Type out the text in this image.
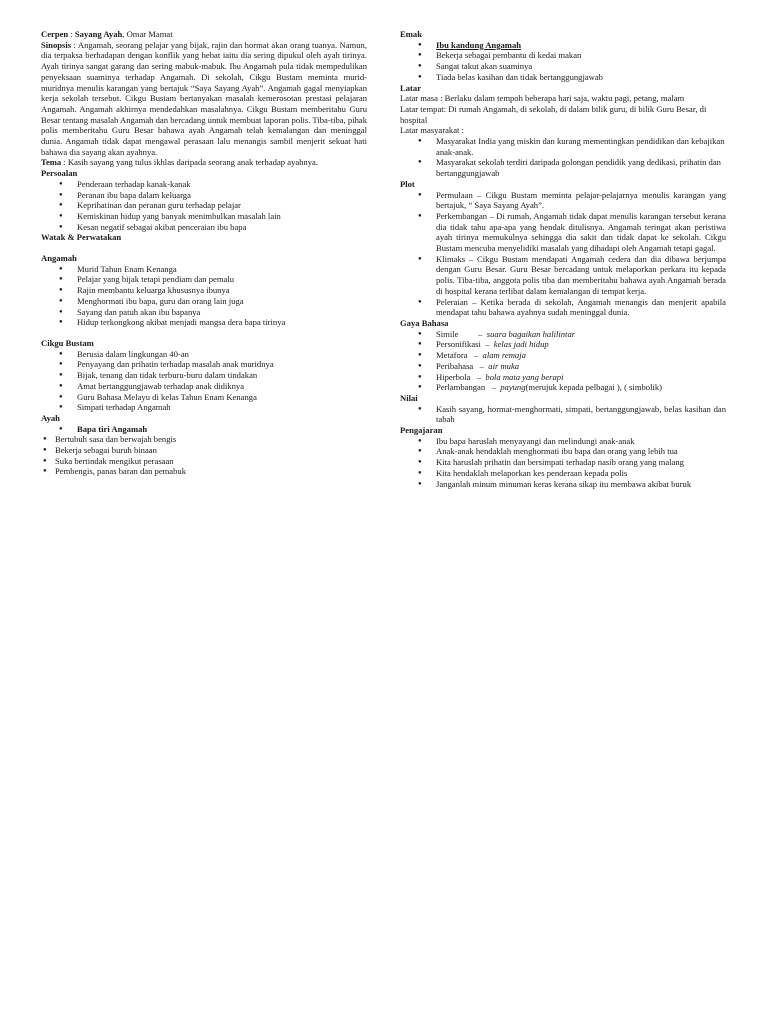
Cerpen : Sayang Ayah, Omar Mamat

Sinopsis : Angamah, seorang pelajar yang bijak, rajin dan hormat akan orang tuanya. Namun, dia terpaksa berhadapan dengan konflik yang hebat iaitu dia sering dipukul oleh ayah tirinya. Ayah tirinya sangat garang dan sering mabuk-mabuk. Ibu Angamah pula tidak mempedulikan penyeksaan suaminya terhadap Angamah. Di sekolah, Cikgu Bustam meminta murid-muridnya menulis karangan yang bertajuk “Saya Sayang Ayah”. Angamah gagal menyiapkan kerja sekolah tersebut. Cikgu Bustam bertanyakan masalah kemerosotan prestasi pelajaran Angamah. Angamah akhirnya mendedahkan masalahnya. Cikgu Bustam memberitahu Guru Besar tentang masalah Angamah dan bercadang untuk membuat laporan polis. Tiba-tiba, pihak polis memberitahu Guru Besar bahawa ayah Angamah telah kemalangan dan meninggal dunia. Angamah tidak dapat mengawal perasaan lalu menangis sambil menjerit sekuat hati bahawa dia sayang akan ayahnya.

Tema : Kasih sayang yang tulus ikhlas daripada seorang anak terhadap ayahnya.

Persoalan

● Penderaan terhadap kanak-kanak
● Peranan ibu bapa dalam keluarga
● Keprihatinan dan peranan guru terhadap pelajar
● Kemiskinan hidup yang banyak menimbulkan masalah lain
● Kesan negatif sebagai akibat penceraian ibu bapa

Watak & Perwatakan

Angamah

● Murid Tahun Enam Kenanga
● Pelajar yang bijak tetapi pendiam dan pemalu
● Rajin membantu keluarga khususnya ibunya
● Menghormati ibu bapa, guru dan orang lain juga
● Sayang dan patuh akan ibu bapanya
● Hidup terkongkong akibat menjadi mangsa dera bapa tirinya

Cikgu Bustam

● Berusia dalam lingkungan 40-an
● Penyayang dan prihatin terhadap masalah anak muridnya
● Bijak, tenang dan tidak terburu-buru dalam tindakan
● Amat bertanggungjawab terhadap anak didiknya
● Guru Bahasa Melayu di kelas Tahun Enam Kenanga
● Simpati terhadap Angamah

Ayah

● Bapa tiri Angamah
● Bertubuh sasa dan berwajah bengis
● Bekerja sebagai buruh binaan
● Suka bertindak mengikut perasaan
● Pembengis, panas baran dan pemabuk

Emak

● Ibu kandung Angamah
● Bekerja sebagai pembantu di kedai makan
● Sangat takut akan suaminya
● Tiada belas kasihan dan tidak bertanggungjawab

Latar

Latar masa : Berlaku dalam tempoh beberapa hari saja, waktu pagi, petang, malam

Latar tempat: Di rumah Angamah, di sekolah, di dalam bilik guru, di bilik Guru Besar, di hospital

Latar masyarakat :

● Masyarakat India yang miskin dan kurang mementingkan pendidikan dan kebajikan anak-anak.
● Masyarakat sekolah terdiri daripada golongan pendidik yang dedikasi, prihatin dan bertanggungjawab

Plot

● Permulaan – Cikgu Bustam meminta pelajar-pelajarnya menulis karangan yang bertajuk, “ Saya Sayang Ayah”.
● Perkembangan – Di rumah, Angamah tidak dapat menulis karangan tersebut kerana dia tidak tahu apa-apa yang hendak ditulisnya. Angamah teringat akan peristiwa ayah tirinya memukulnya sehingga dia sakit dan tidak dapat ke sekolah. Cikgu Bustam mencuba menyelidiki masalah yang dihadapi oleh Angamah tetapi gagal.
● Klimaks – Cikgu Bustam mendapati Angamah cedera dan dia dibawa berjumpa dengan Guru Besar. Guru Besar bercadang untuk melaporkan perkara itu kepada polis. Tiba-tiba, anggota polis tiba dan memberitahu bahawa ayah Angamah berada di hospital kerana terlibat dalam kemalangan di tempat kerja.
● Peleraian – Ketika berada di sekolah, Angamah menangis dan menjerit apabila mendapat tahu bahawa ayahnya sudah meninggal dunia.

Gaya Bahasa

● Simile	– suara bagaikan halilintar
● Personifikasi – kelas jadi hidup
● Metafora – alam remaja
● Peribahasa – air muka
● Hiperbola – bola mata yang berapi
● Perlambangan – payung (merujuk kepada pelbagai ), ( simbolik)

Nilai

● Kasih sayang, hormat-menghormati, simpati, bertanggungjawab, belas kasihan dan tabah

Pengajaran

● Ibu bapa haruslah menyayangi dan melindungi anak-anak
● Anak-anak hendaklah menghormati ibu bapa dan orang yang lebih tua
● Kita haruslah prihatin dan bersimpati terhadap nasib orang yang malang
● Kita hendaklah melaporkan kes penderaan kepada polis
● Janganlah minum minuman keras kerana sikap itu membawa akibat buruk
